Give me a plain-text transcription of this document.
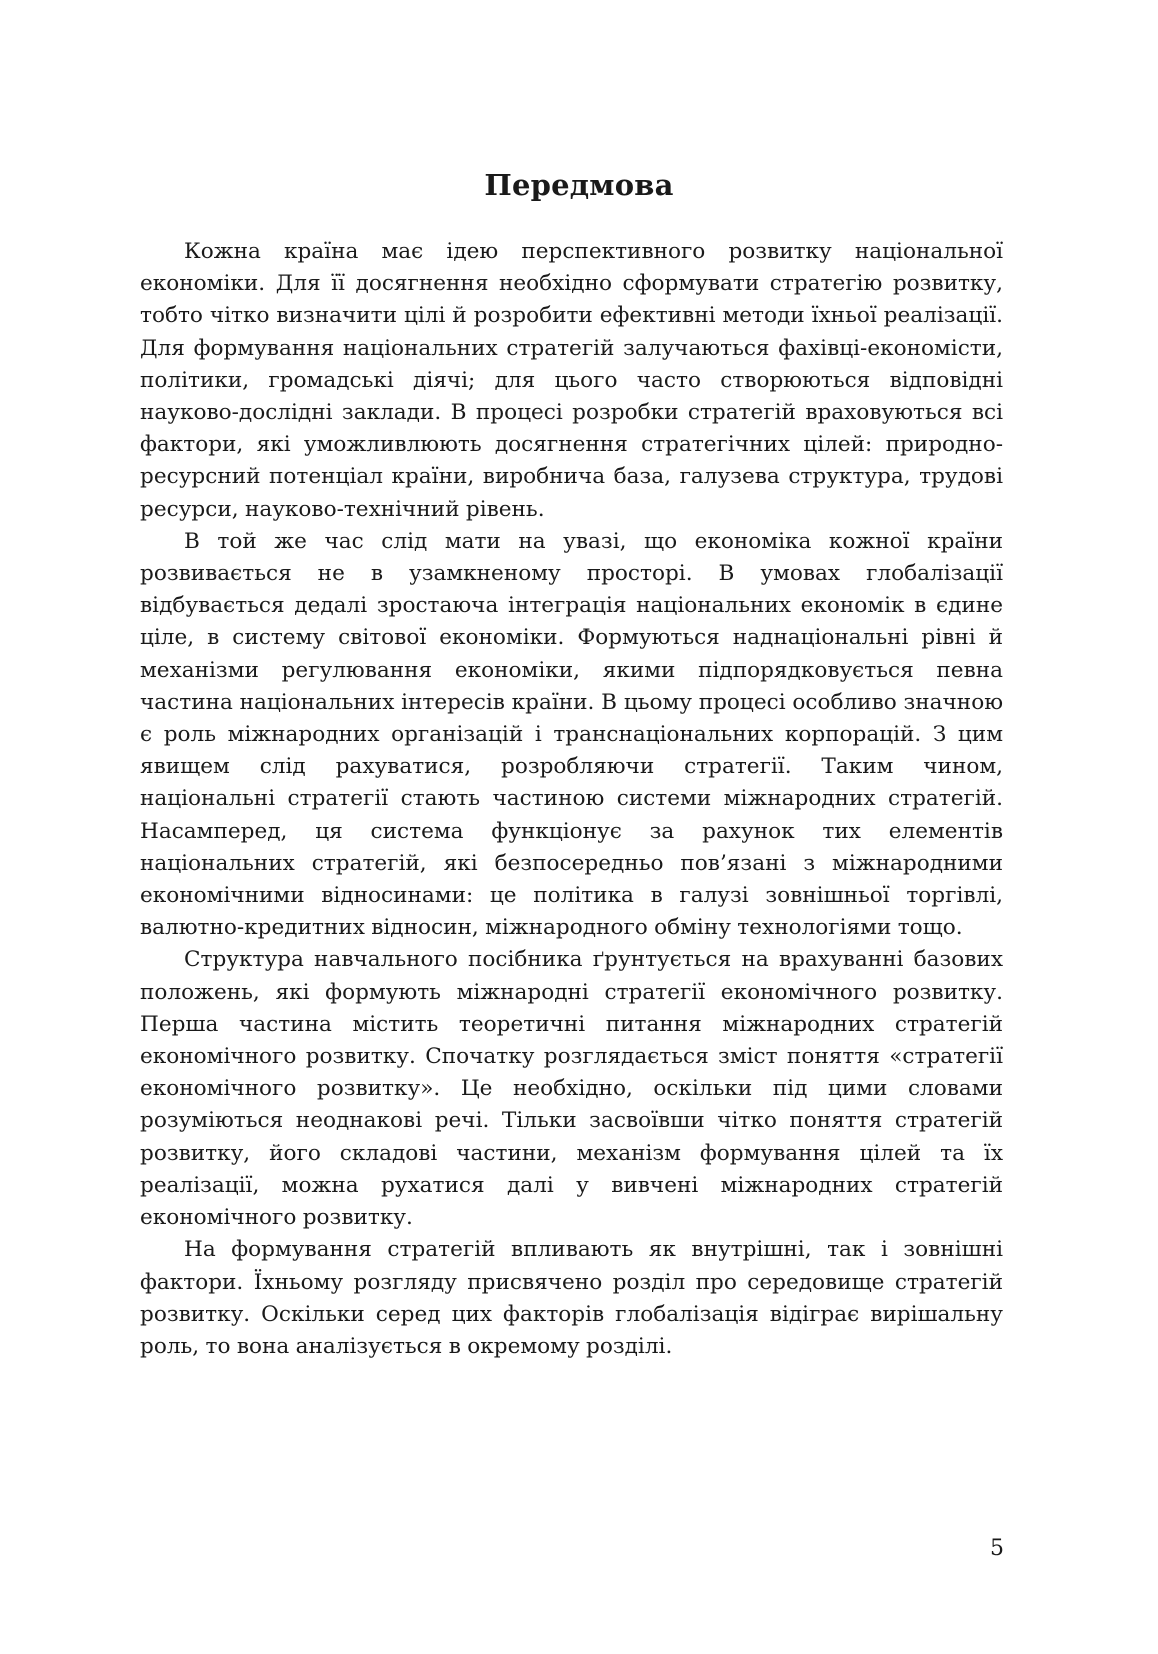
Передмова

Кожна країна має ідею перспективного розвитку національної економіки. Для її досягнення необхідно сформувати стратегію розвитку, тобто чітко визначити цілі й розробити ефективні методи їхньої реалізації. Для формування національних стратегій залучаються фахівці-економісти, політики, громадські діячі; для цього часто створюються відповідні науково-дослідні заклади. В процесі розробки стратегій враховуються всі фактори, які уможливлюють досягнення стратегічних цілей: природно-ресурсний потенціал країни, виробнича база, галузева структура, трудові ресурси, науково-технічний рівень.

В той же час слід мати на увазі, що економіка кожної країни розвивається не в узамкненому просторі. В умовах глобалізації відбувається дедалі зростаюча інтеграція національних економік в єдине ціле, в систему світової економіки. Формуються наднаціональні рівні й механізми регулювання економіки, якими підпорядковується певна частина національних інтересів країни. В цьому процесі особливо значною є роль міжнародних організацій і транснаціональних корпорацій. З цим явищем слід рахуватися, розробляючи стратегії. Таким чином, національні стратегії стають частиною системи міжнародних стратегій. Насамперед, ця система функціонує за рахунок тих елементів національних стратегій, які безпосередньо пов’язані з міжнародними економічними відносинами: це політика в галузі зовнішньої торгівлі, валютно-кредитних відносин, міжнародного обміну технологіями тощо.

Структура навчального посібника ґрунтується на врахуванні базових положень, які формують міжнародні стратегії економічного розвитку. Перша частина містить теоретичні питання міжнародних стратегій економічного розвитку. Спочатку розглядається зміст поняття «стратегії економічного розвитку». Це необхідно, оскільки під цими словами розуміються неоднакові речі. Тільки засвоївши чітко поняття стратегій розвитку, його складові частини, механізм формування цілей та їх реалізації, можна рухатися далі у вивчені міжнародних стратегій економічного розвитку.

На формування стратегій впливають як внутрішні, так і зовнішні фактори. Їхньому розгляду присвячено розділ про середовище стратегій розвитку. Оскільки серед цих факторів глобалізація відіграє вирішальну роль, то вона аналізується в окремому розділі.

5
